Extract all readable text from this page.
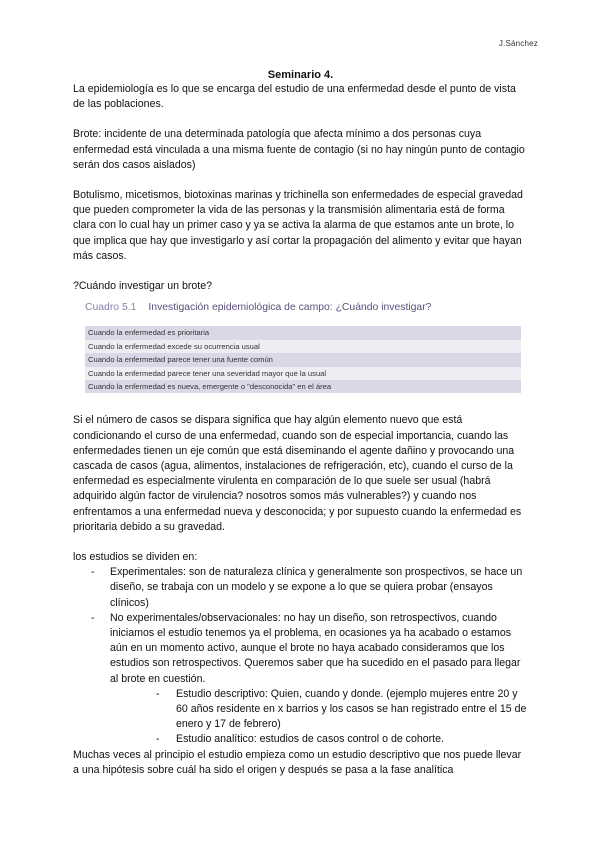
J.Sánchez

Seminario 4.

La epidemiología es lo que se encarga del estudio de una enfermedad desde el punto de vista de las poblaciones.

Brote: incidente de una determinada patología que afecta mínimo a dos personas cuya enfermedad está vinculada a una misma fuente de contagio (si no hay ningún punto de contagio serán dos casos aislados)

Botulismo, micetismos, biotoxinas marinas y trichinella son enfermedades de especial gravedad que pueden comprometer la vida de las personas y la transmisión alimentaria está de forma clara con lo cual hay un primer caso y ya se activa la alarma de que estamos ante un brote, lo que implica que hay que investigarlo y así cortar la propagación del alimento y evitar que hayan más casos.

?Cuándo investigar un brote?

Cuadro 5.1 Investigación epidemiológica de campo: ¿Cuándo investigar?
Cuando la enfermedad es prioritaria
Cuando la enfermedad excede su ocurrencia usual
Cuando la enfermedad parece tener una fuente común
Cuando la enfermedad parece tener una severidad mayor que la usual
Cuando la enfermedad es nueva, emergente o "desconocida" en el área

Si el número de casos se dispara significa que hay algún elemento nuevo que está condicionando el curso de una enfermedad, cuando son de especial importancia, cuando las enfermedades tienen un eje común que está diseminando el agente dañino y provocando una cascada de casos (agua, alimentos, instalaciones de refrigeración, etc), cuando el curso de la enfermedad es especialmente virulenta en comparación de lo que suele ser usual (habrá adquirido algún factor de virulencia? nosotros somos más vulnerables?) y cuando nos enfrentamos a una enfermedad nueva y desconocida; y por supuesto cuando la enfermedad es prioritaria debido a su gravedad.

los estudios se dividen en:

- Experimentales: son de naturaleza clínica y generalmente son prospectivos, se hace un diseño, se trabaja con un modelo y se expone a lo que se quiera probar (ensayos clínicos)
- No experimentales/observacionales: no hay un diseño, son retrospectivos, cuando iniciamos el estudio tenemos ya el problema, en ocasiones ya ha acabado o estamos aún en un momento activo, aunque el brote no haya acabado consideramos que los estudios son retrospectivos. Queremos saber que ha sucedido en el pasado para llegar al brote en cuestión.
- Estudio descriptivo: Quien, cuando y donde. (ejemplo mujeres entre 20 y 60 años residente en x barrios y los casos se han registrado entre el 15 de enero y 17 de febrero)
- Estudio analítico: estudios de casos control o de cohorte.

Muchas veces al principio el estudio empieza como un estudio descriptivo que nos puede llevar a una hipótesis sobre cuál ha sido el origen y después se pasa a la fase analítica
